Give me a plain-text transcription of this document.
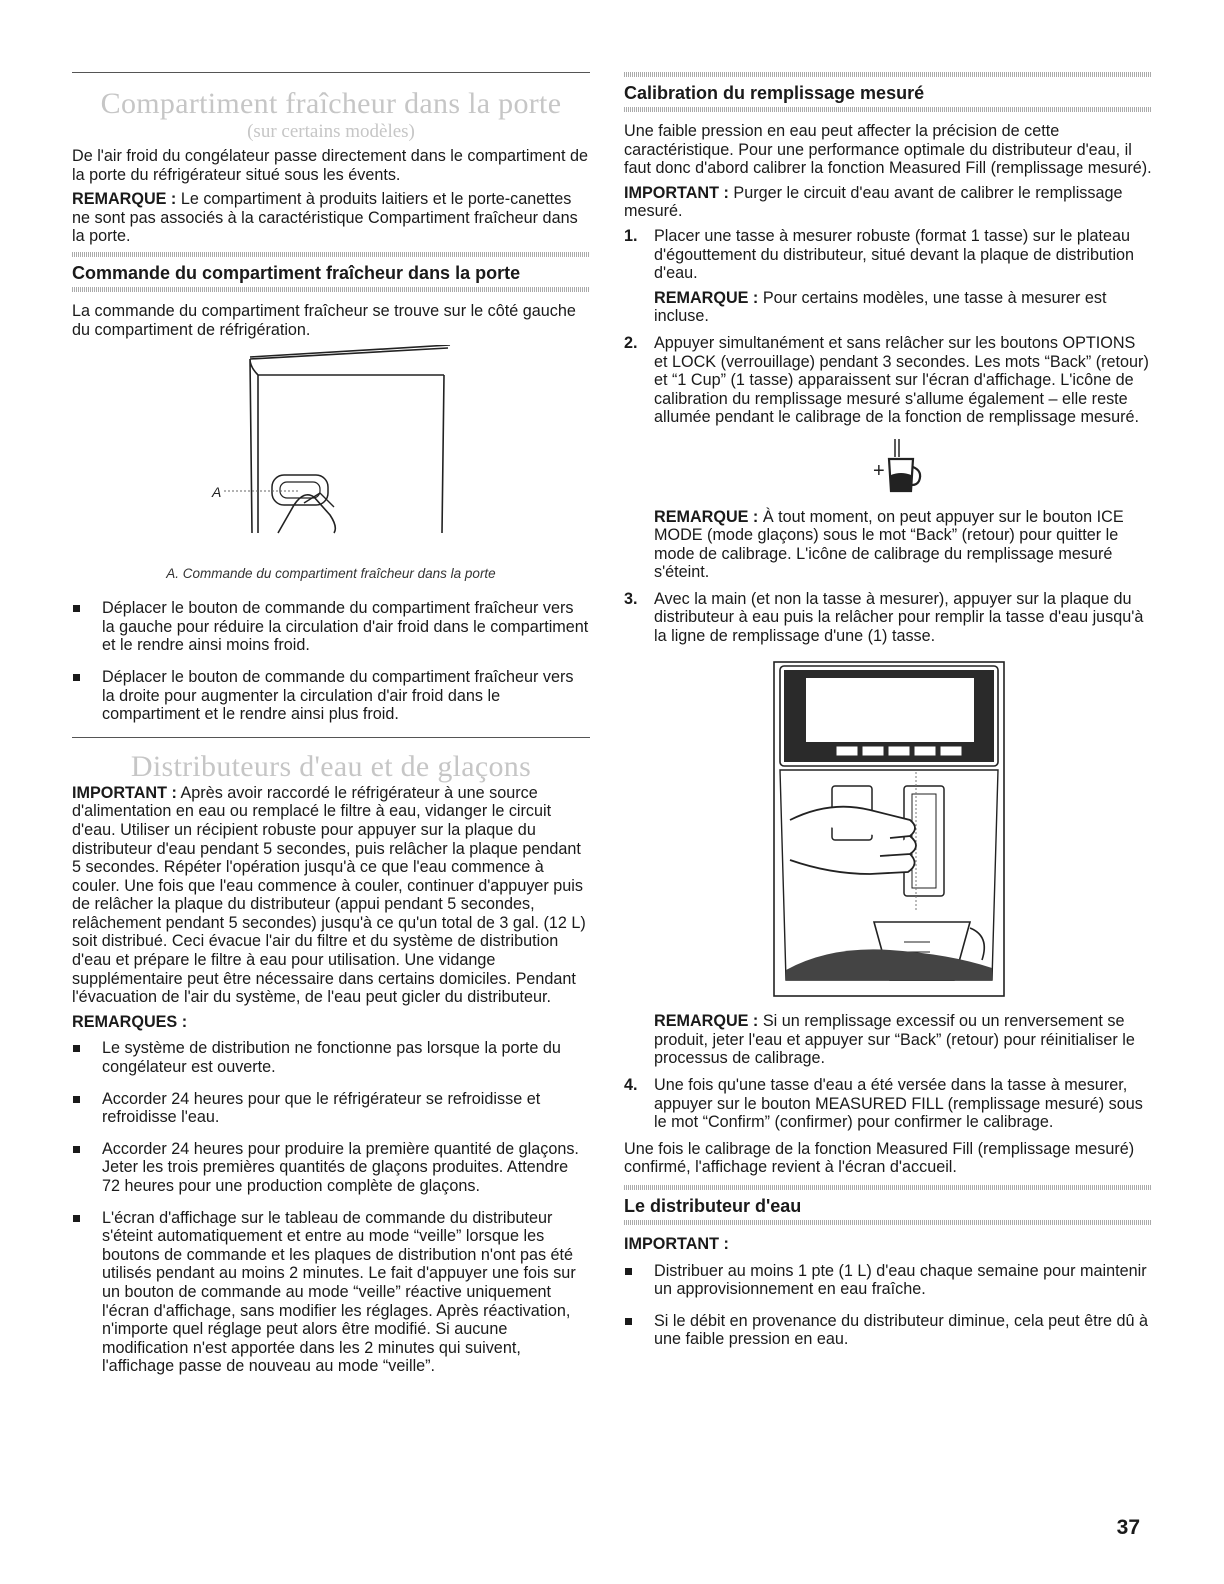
Compartiment fraîcheur dans la porte
(sur certains modèles)

De l'air froid du congélateur passe directement dans le compartiment de la porte du réfrigérateur situé sous les évents.

REMARQUE : Le compartiment à produits laitiers et le porte-canettes ne sont pas associés à la caractéristique Compartiment fraîcheur dans la porte.

Commande du compartiment fraîcheur dans la porte

La commande du compartiment fraîcheur se trouve sur le côté gauche du compartiment de réfrigération.

A
A. Commande du compartiment fraîcheur dans la porte
Déplacer le bouton de commande du compartiment fraîcheur vers la gauche pour réduire la circulation d'air froid dans le compartiment et le rendre ainsi moins froid.
Déplacer le bouton de commande du compartiment fraîcheur vers la droite pour augmenter la circulation d'air froid dans le compartiment et le rendre ainsi plus froid.
Distributeurs d'eau et de glaçons

IMPORTANT : Après avoir raccordé le réfrigérateur à une source d'alimentation en eau ou remplacé le filtre à eau, vidanger le circuit d'eau. Utiliser un récipient robuste pour appuyer sur la plaque du distributeur d'eau pendant 5 secondes, puis relâcher la plaque pendant 5 secondes. Répéter l'opération jusqu'à ce que l'eau commence à couler. Une fois que l'eau commence à couler, continuer d'appuyer puis de relâcher la plaque du distributeur (appui pendant 5 secondes, relâchement pendant 5 secondes) jusqu'à ce qu'un total de 3 gal. (12 L) soit distribué. Ceci évacue l'air du filtre et du système de distribution d'eau et prépare le filtre à eau pour utilisation. Une vidange supplémentaire peut être nécessaire dans certains domiciles. Pendant l'évacuation de l'air du système, de l'eau peut gicler du distributeur.

REMARQUES :

Le système de distribution ne fonctionne pas lorsque la porte du congélateur est ouverte.
Accorder 24 heures pour que le réfrigérateur se refroidisse et refroidisse l'eau.
Accorder 24 heures pour produire la première quantité de glaçons. Jeter les trois premières quantités de glaçons produites. Attendre 72 heures pour une production complète de glaçons.
L'écran d'affichage sur le tableau de commande du distributeur s'éteint automatiquement et entre au mode “veille” lorsque les boutons de commande et les plaques de distribution n'ont pas été utilisés pendant au moins 2 minutes. Le fait d'appuyer une fois sur un bouton de commande au mode “veille” réactive uniquement l'écran d'affichage, sans modifier les réglages. Après réactivation, n'importe quel réglage peut alors être modifié. Si aucune modification n'est apportée dans les 2 minutes qui suivent, l'affichage passe de nouveau au mode “veille”.
Calibration du remplissage mesuré

Une faible pression en eau peut affecter la précision de cette caractéristique. Pour une performance optimale du distributeur d'eau, il faut donc d'abord calibrer la fonction Measured Fill (remplissage mesuré).

IMPORTANT : Purger le circuit d'eau avant de calibrer le remplissage mesuré.

1. Placer une tasse à mesurer robuste (format 1 tasse) sur le plateau d'égouttement du distributeur, situé devant la plaque de distribution d'eau.
REMARQUE : Pour certains modèles, une tasse à mesurer est incluse.
2. Appuyer simultanément et sans relâcher sur les boutons OPTIONS et LOCK (verrouillage) pendant 3 secondes. Les mots “Back” (retour) et “1 Cup” (1 tasse) apparaissent sur l'écran d'affichage. L'icône de calibration du remplissage mesuré s'allume également – elle reste allumée pendant le calibrage de la fonction de remplissage mesuré.
+
REMARQUE : À tout moment, on peut appuyer sur le bouton ICE MODE (mode glaçons) sous le mot “Back” (retour) pour quitter le mode de calibrage. L'icône de calibrage du remplissage mesuré s'éteint.
3. Avec la main (et non la tasse à mesurer), appuyer sur la plaque du distributeur à eau puis la relâcher pour remplir la tasse d'eau jusqu'à la ligne de remplissage d'une (1) tasse.
REMARQUE : Si un remplissage excessif ou un renversement se produit, jeter l'eau et appuyer sur “Back” (retour) pour réinitialiser le processus de calibrage.
4. Une fois qu'une tasse d'eau a été versée dans la tasse à mesurer, appuyer sur le bouton MEASURED FILL (remplissage mesuré) sous le mot “Confirm” (confirmer) pour confirmer le calibrage.

Une fois le calibrage de la fonction Measured Fill (remplissage mesuré) confirmé, l'affichage revient à l'écran d'accueil.

Le distributeur d'eau

IMPORTANT :

Distribuer au moins 1 pte (1 L) d'eau chaque semaine pour maintenir un approvisionnement en eau fraîche.
Si le débit en provenance du distributeur diminue, cela peut être dû à une faible pression en eau.
37
